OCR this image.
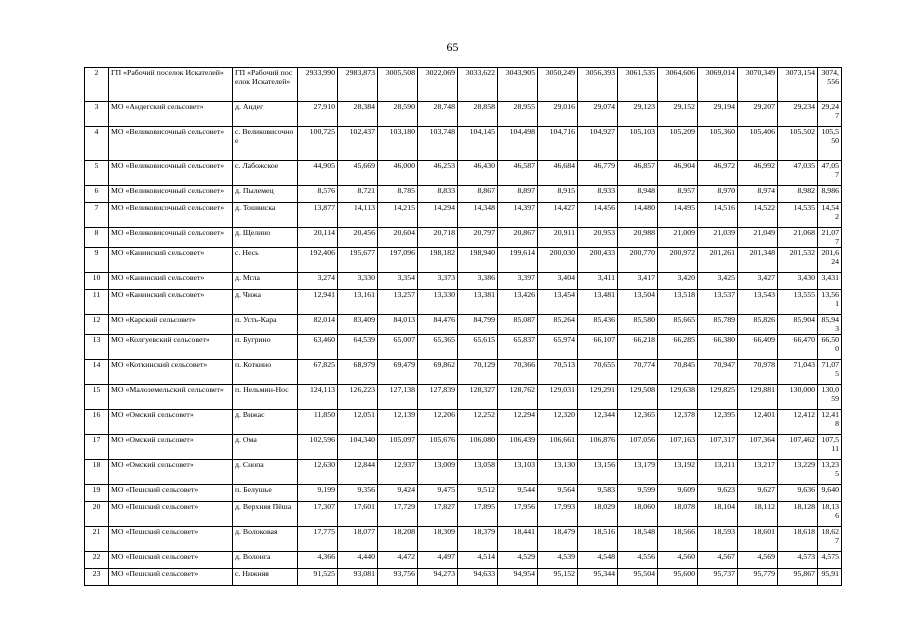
65
2	ГП «Рабочий поселок Искателей»	ГП «Рабочий поселок Искателей»	2933,990	2983,873	3005,508	3022,069	3033,622	3043,905	3050,249	3056,393	3061,535	3064,606	3069,014	3070,349	3073,154	3074,556
3	МО «Андегский сельсовет»	д. Андег	27,910	28,384	28,590	28,748	28,858	28,955	29,016	29,074	29,123	29,152	29,194	29,207	29,234	29,247
4	МО «Великовисочный сельсовет»	с. Великовисочное	100,725	102,437	103,180	103,748	104,145	104,498	104,716	104,927	105,103	105,209	105,360	105,406	105,502	105,550
5	МО «Великовисочный сельсовет»	с. Лабожское	44,905	45,669	46,000	46,253	46,430	46,587	46,684	46,779	46,857	46,904	46,972	46,992	47,035	47,057
6	МО «Великовисочный сельсовет»	д. Пылемец	8,576	8,721	8,785	8,833	8,867	8,897	8,915	8,933	8,948	8,957	8,970	8,974	8,982	8,986
7	МО «Великовисочный сельсовет»	д. Тошвиска	13,877	14,113	14,215	14,294	14,348	14,397	14,427	14,456	14,480	14,495	14,516	14,522	14,535	14,542
8	МО «Великовисочный сельсовет»	д. Щелино	20,114	20,456	20,604	20,718	20,797	20,867	20,911	20,953	20,988	21,009	21,039	21,049	21,068	21,077
9	МО «Канинский сельсовет»	с. Несь	192,406	195,677	197,096	198,182	198,940	199,614	200,030	200,433	200,770	200,972	201,261	201,348	201,532	201,624
10	МО «Канинский сельсовет»	д. Мгла	3,274	3,330	3,354	3,373	3,386	3,397	3,404	3,411	3,417	3,420	3,425	3,427	3,430	3,431
11	МО «Канинский сельсовет»	д. Чижа	12,941	13,161	13,257	13,330	13,381	13,426	13,454	13,481	13,504	13,518	13,537	13,543	13,555	13,561
12	МО «Карский сельсовет»	п. Усть-Кара	82,014	83,409	84,013	84,476	84,799	85,087	85,264	85,436	85,580	85,665	85,789	85,826	85,904	85,943
13	МО «Колгуевский сельсовет»	п. Бугрино	63,460	64,539	65,007	65,365	65,615	65,837	65,974	66,107	66,218	66,285	66,380	66,409	66,470	66,500
14	МО «Коткинский сельсовет»	п. Коткино	67,825	68,979	69,479	69,862	70,129	70,366	70,513	70,655	70,774	70,845	70,947	70,978	71,043	71,075
15	МО «Малоземельский сельсовет»	п. Нельмин-Нос	124,113	126,223	127,138	127,839	128,327	128,762	129,031	129,291	129,508	129,638	129,825	129,881	130,000	130,059
16	МО «Омский сельсовет»	д. Вижас	11,850	12,051	12,139	12,206	12,252	12,294	12,320	12,344	12,365	12,378	12,395	12,401	12,412	12,418
17	МО «Омский сельсовет»	д. Ома	102,596	104,340	105,097	105,676	106,080	106,439	106,661	106,876	107,056	107,163	107,317	107,364	107,462	107,511
18	МО «Омский сельсовет»	д. Снопа	12,630	12,844	12,937	13,009	13,058	13,103	13,130	13,156	13,179	13,192	13,211	13,217	13,229	13,235
19	МО «Пешский сельсовет»	п. Белушье	9,199	9,356	9,424	9,475	9,512	9,544	9,564	9,583	9,599	9,609	9,623	9,627	9,636	9,640
20	МО «Пешский сельсовет»	д. Верхняя Пёша	17,307	17,601	17,729	17,827	17,895	17,956	17,993	18,029	18,060	18,078	18,104	18,112	18,128	18,136
21	МО «Пешский сельсовет»	д. Волоковая	17,775	18,077	18,208	18,309	18,379	18,441	18,479	18,516	18,548	18,566	18,593	18,601	18,618	18,627
22	МО «Пешский сельсовет»	д. Волонга	4,366	4,440	4,472	4,497	4,514	4,529	4,539	4,548	4,556	4,560	4,567	4,569	4,573	4,575
23	МО «Пешский сельсовет»	с. Нижняя	91,525	93,081	93,756	94,273	94,633	94,954	95,152	95,344	95,504	95,600	95,737	95,779	95,867	95,91
